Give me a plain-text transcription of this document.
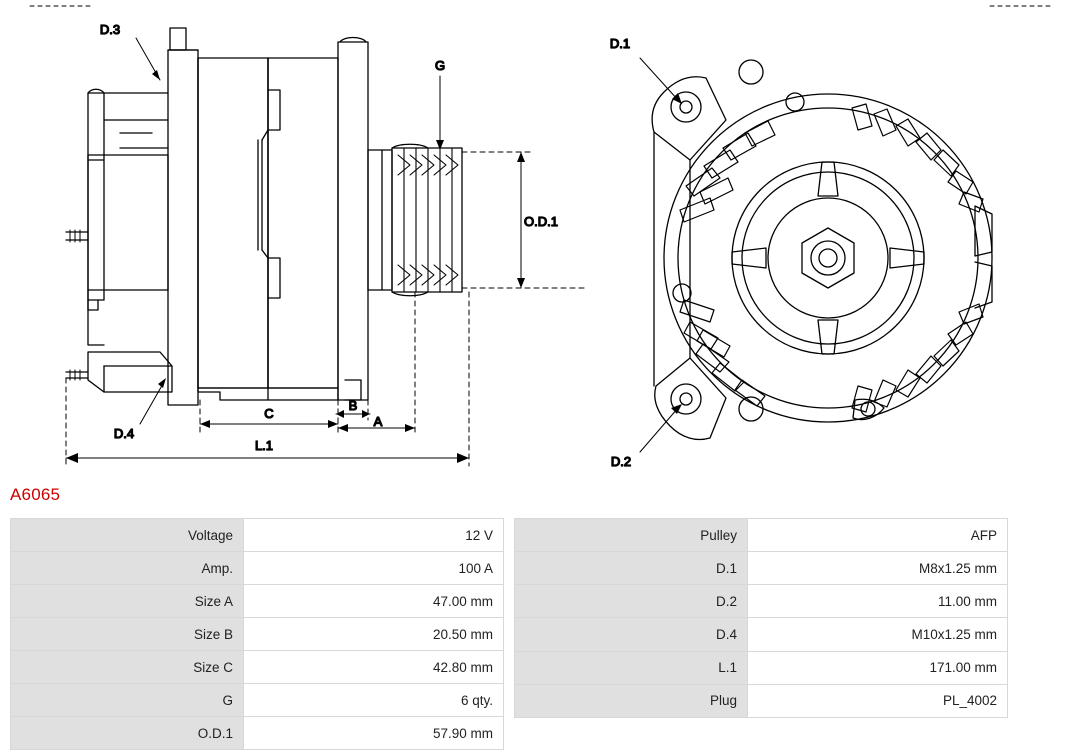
D.3
G
D.4
O.D.1
C
B
A
L.1
D.1
D.2
A6065
Voltage	12 V
Amp.	100 A
Size A	47.00 mm
Size B	20.50 mm
Size C	42.80 mm
G	6 qty.
O.D.1	57.90 mm
Pulley	AFP
D.1	M8x1.25 mm
D.2	11.00 mm
D.4	M10x1.25 mm
L.1	171.00 mm
Plug	PL_4002
